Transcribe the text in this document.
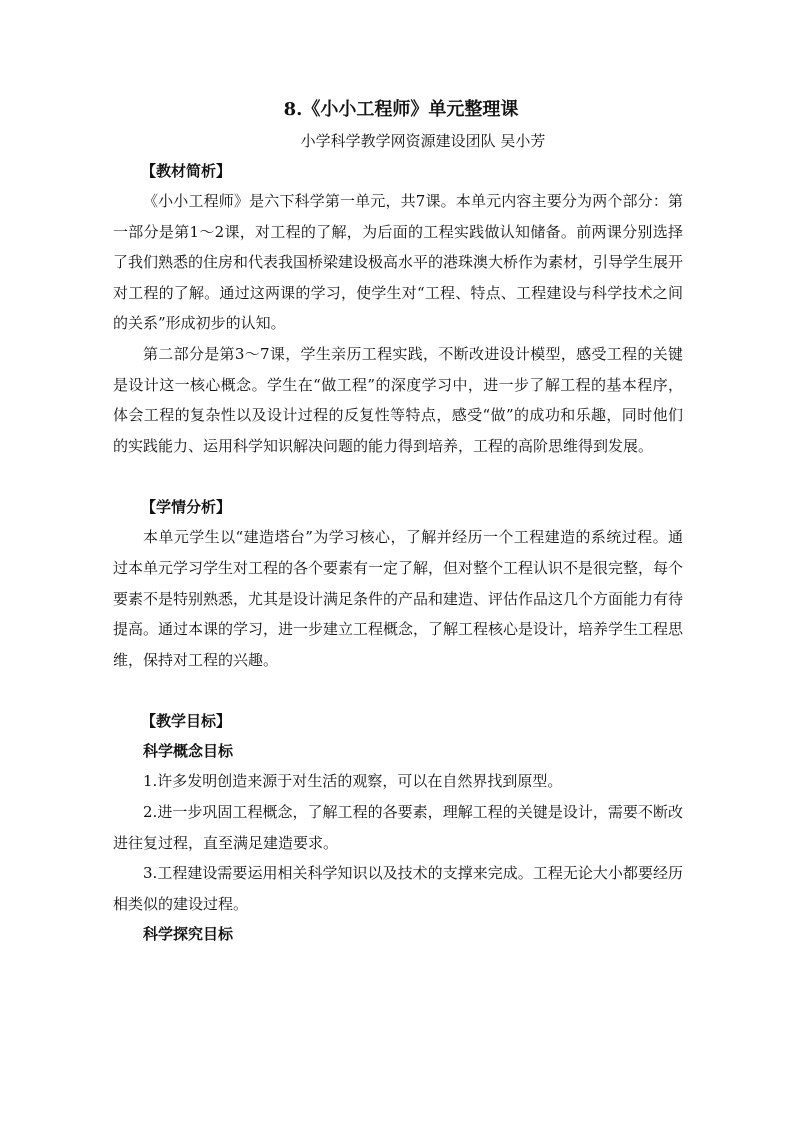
8.《小小工程师》单元整理课

小学科学教学网资源建设团队 吴小芳

【教材简析】

《小小工程师》是六下科学第一单元，共7课。本单元内容主要分为两个部分：第一部分是第1～2课，对工程的了解，为后面的工程实践做认知储备。前两课分别选择了我们熟悉的住房和代表我国桥梁建设极高水平的港珠澳大桥作为素材，引导学生展开对工程的了解。通过这两课的学习，使学生对“工程、特点、工程建设与科学技术之间的关系”形成初步的认知。

第二部分是第3～7课，学生亲历工程实践，不断改进设计模型，感受工程的关键是设计这一核心概念。学生在“做工程”的深度学习中，进一步了解工程的基本程序，体会工程的复杂性以及设计过程的反复性等特点，感受“做”的成功和乐趣，同时他们的实践能力、运用科学知识解决问题的能力得到培养，工程的高阶思维得到发展。

【学情分析】

本单元学生以“建造塔台”为学习核心，了解并经历一个工程建造的系统过程。通过本单元学习学生对工程的各个要素有一定了解，但对整个工程认识不是很完整，每个要素不是特别熟悉，尤其是设计满足条件的产品和建造、评估作品这几个方面能力有待提高。通过本课的学习，进一步建立工程概念，了解工程核心是设计，培养学生工程思维，保持对工程的兴趣。

【教学目标】

科学概念目标

1.许多发明创造来源于对生活的观察，可以在自然界找到原型。

2.进一步巩固工程概念，了解工程的各要素，理解工程的关键是设计，需要不断改进往复过程，直至满足建造要求。

3.工程建设需要运用相关科学知识以及技术的支撑来完成。工程无论大小都要经历相类似的建设过程。

科学探究目标
